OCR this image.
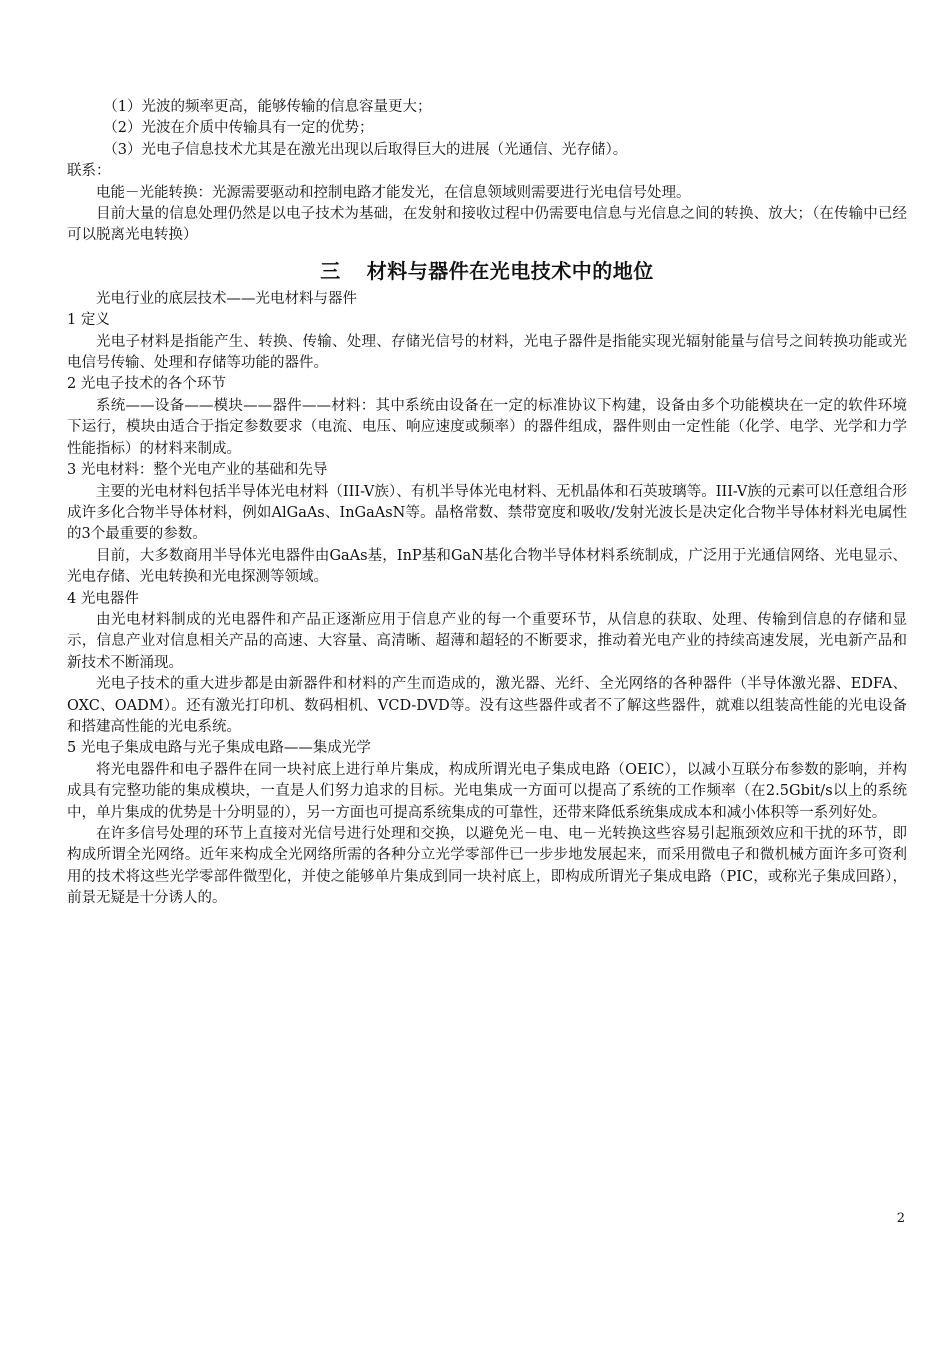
（1）光波的频率更高，能够传输的信息容量更大；
（2）光波在介质中传输具有一定的优势；
（3）光电子信息技术尤其是在激光出现以后取得巨大的进展（光通信、光存储）。
联系：

电能－光能转换：光源需要驱动和控制电路才能发光，在信息领域则需要进行光电信号处理。

目前大量的信息处理仍然是以电子技术为基础，在发射和接收过程中仍需要电信息与光信息之间的转换、放大；（在传输中已经可以脱离光电转换）

三 材料与器件在光电技术中的地位
光电行业的底层技术——光电材料与器件
1 定义

光电子材料是指能产生、转换、传输、处理、存储光信号的材料，光电子器件是指能实现光辐射能量与信号之间转换功能或光电信号传输、处理和存储等功能的器件。

2 光电子技术的各个环节

系统——设备——模块——器件——材料：其中系统由设备在一定的标准协议下构建，设备由多个功能模块在一定的软件环境下运行，模块由适合于指定参数要求（电流、电压、响应速度或频率）的器件组成，器件则由一定性能（化学、电学、光学和力学性能指标）的材料来制成。

3 光电材料：整个光电产业的基础和先导

主要的光电材料包括半导体光电材料（III-V族）、有机半导体光电材料、无机晶体和石英玻璃等。III-V族的元素可以任意组合形成许多化合物半导体材料，例如AlGaAs、InGaAsN等。晶格常数、禁带宽度和吸收/发射光波长是决定化合物半导体材料光电属性的3个最重要的参数。

目前，大多数商用半导体光电器件由GaAs基，InP基和GaN基化合物半导体材料系统制成，广泛用于光通信网络、光电显示、光电存储、光电转换和光电探测等领域。

4 光电器件

由光电材料制成的光电器件和产品正逐渐应用于信息产业的每一个重要环节，从信息的获取、处理、传输到信息的存储和显示，信息产业对信息相关产品的高速、大容量、高清晰、超薄和超轻的不断要求，推动着光电产业的持续高速发展，光电新产品和新技术不断涌现。

光电子技术的重大进步都是由新器件和材料的产生而造成的，激光器、光纤、全光网络的各种器件（半导体激光器、EDFA、OXC、OADM）。还有激光打印机、数码相机、VCD-DVD等。没有这些器件或者不了解这些器件，就难以组装高性能的光电设备和搭建高性能的光电系统。

5 光电子集成电路与光子集成电路——集成光学

将光电器件和电子器件在同一块衬底上进行单片集成，构成所谓光电子集成电路（OEIC），以减小互联分布参数的影响，并构成具有完整功能的集成模块，一直是人们努力追求的目标。光电集成一方面可以提高了系统的工作频率（在2.5Gbit/s以上的系统中，单片集成的优势是十分明显的），另一方面也可提高系统集成的可靠性，还带来降低系统集成成本和减小体积等一系列好处。

在许多信号处理的环节上直接对光信号进行处理和交换，以避免光－电、电－光转换这些容易引起瓶颈效应和干扰的环节，即构成所谓全光网络。近年来构成全光网络所需的各种分立光学零部件已一步步地发展起来，而采用微电子和微机械方面许多可资利用的技术将这些光学零部件微型化，并使之能够单片集成到同一块衬底上，即构成所谓光子集成电路（PIC，或称光子集成回路），前景无疑是十分诱人的。

2
